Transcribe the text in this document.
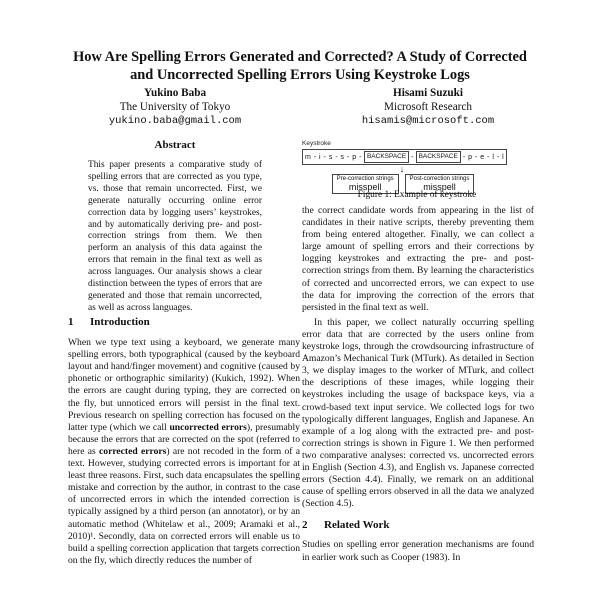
How Are Spelling Errors Generated and Corrected? A Study of Corrected
and Uncorrected Spelling Errors Using Keystroke Logs
Yukino Baba
The University of Tokyo
yukino.baba@gmail.com
Hisami Suzuki
Microsoft Research
hisamis@microsoft.com
Abstract
This paper presents a comparative study of spelling errors that are corrected as you type, vs. those that remain uncorrected. First, we generate naturally occurring online error correction data by logging users’ keystrokes, and by automatically deriving pre- and post-correction strings from them. We then perform an analysis of this data against the errors that remain in the final text as well as across languages. Our analysis shows a clear distinction between the types of errors that are generated and those that remain uncorrected, as well as across languages.
Keystroke
m - i - s - s - p - BACKSPACE - BACKSPACE - p - e - l - l
↓
Pre-correction strings
misspell
Post-correction strings
misspell
Figure 1: Example of keystroke
1 Introduction

When we type text using a keyboard, we generate many spelling errors, both typographical (caused by the keyboard layout and hand/finger movement) and cognitive (caused by phonetic or orthographic similarity) (Kukich, 1992). When the errors are caught during typing, they are corrected on the fly, but unnoticed errors will persist in the final text. Previous research on spelling correction has focused on the latter type (which we call uncorrected errors), presumably because the errors that are corrected on the spot (referred to here as corrected errors) are not recoded in the form of a text. However, studying corrected errors is important for at least three reasons. First, such data encapsulates the spelling mistake and correction by the author, in contrast to the case of uncorrected errors in which the intended correction is typically assigned by a third person (an annotator), or by an automatic method (Whitelaw et al., 2009; Aramaki et al., 2010)¹. Secondly, data on corrected errors will enable us to build a spelling correction application that targets correction on the fly, which directly reduces the number of

the correct candidate words from appearing in the list of candidates in their native scripts, thereby preventing them from being entered altogether. Finally, we can collect a large amount of spelling errors and their corrections by logging keystrokes and extracting the pre- and post-correction strings from them. By learning the characteristics of corrected and uncorrected errors, we can expect to use the data for improving the correction of the errors that persisted in the final text as well.

In this paper, we collect naturally occurring spelling error data that are corrected by the users online from keystroke logs, through the crowdsourcing infrastructure of Amazon’s Mechanical Turk (MTurk). As detailed in Section 3, we display images to the worker of MTurk, and collect the descriptions of these images, while logging their keystrokes including the usage of backspace keys, via a crowd-based text input service. We collected logs for two typologically different languages, English and Japanese. An example of a log along with the extracted pre- and post-correction strings is shown in Figure 1. We then performed two comparative analyses: corrected vs. uncorrected errors in English (Section 4.3), and English vs. Japanese corrected errors (Section 4.4). Finally, we remark on an additional cause of spelling errors observed in all the data we analyzed (Section 4.5).

2 Related Work

Studies on spelling error generation mechanisms are found in earlier work such as Cooper (1983). In
